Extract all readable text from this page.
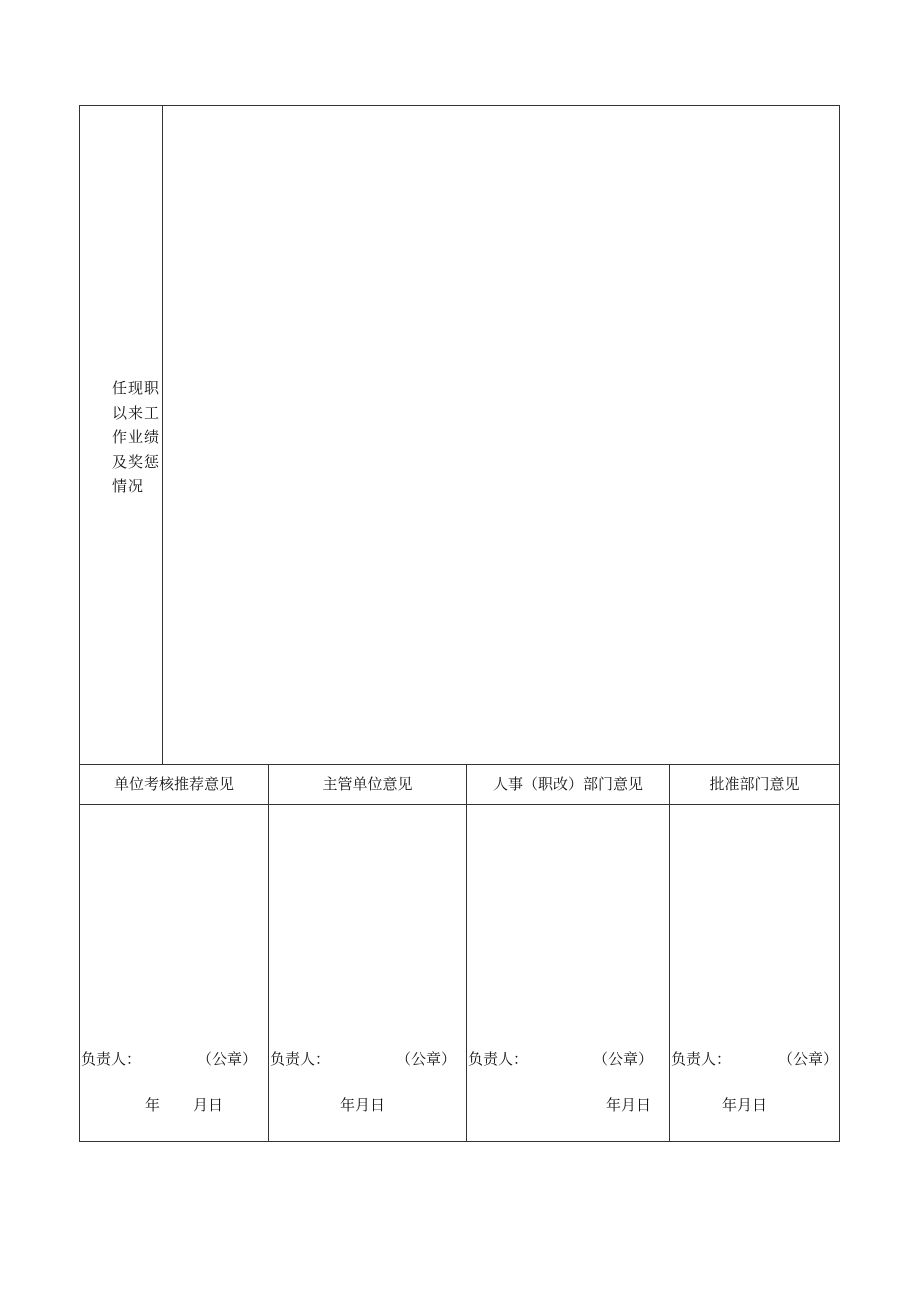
任现职
以来工
作业绩
及奖惩
情况
单位考核推荐意见	主管单位意见	人事（职改）部门意见	批准部门意见
负责人：	（公章）
年 月日
负责人：	（公章）
年月日
负责人：	（公章）
年月日
负责人：	（公章）
年月日
